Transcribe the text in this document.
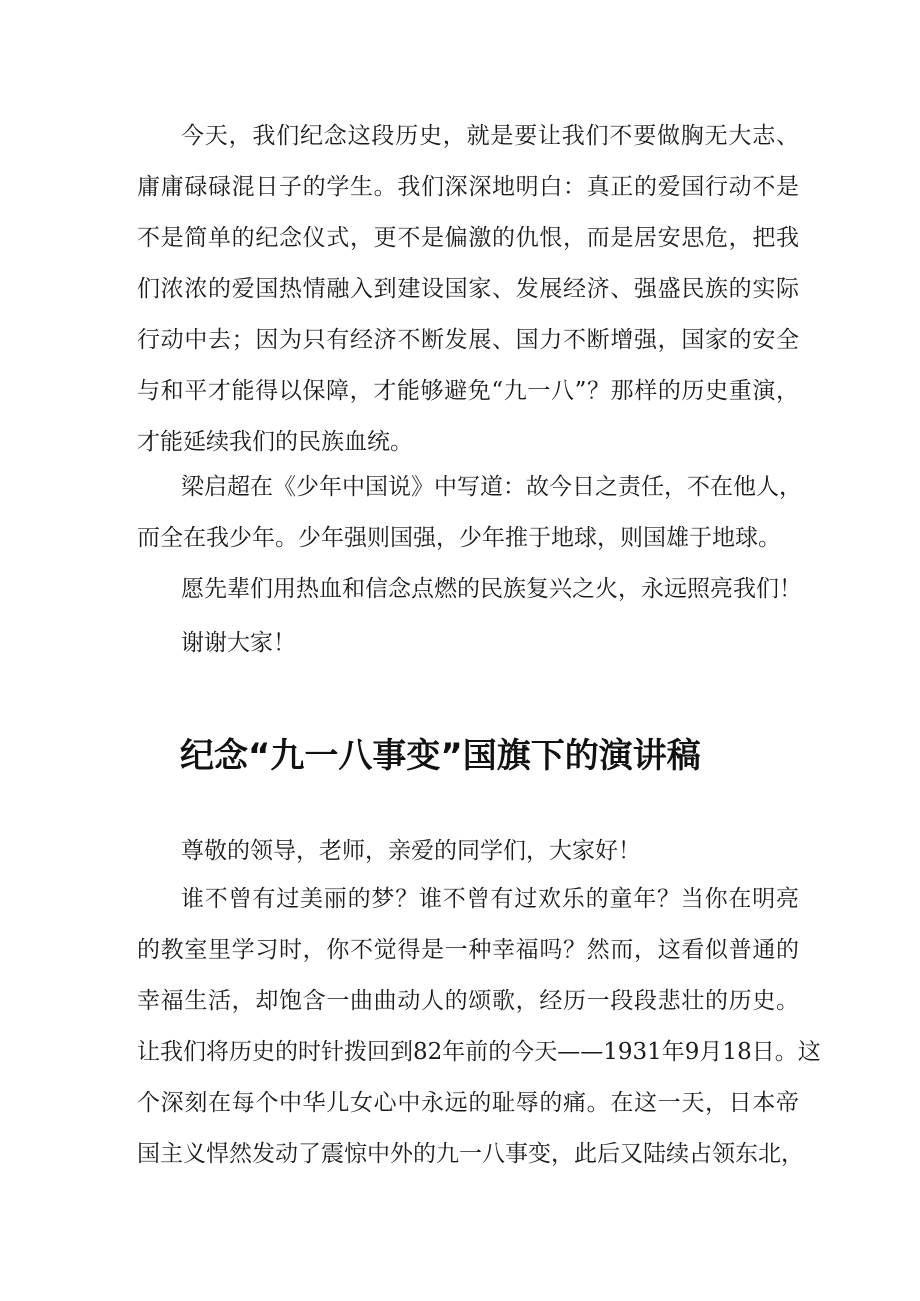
今天，我们纪念这段历史，就是要让我们不要做胸无大志、
庸庸碌碌混日子的学生。我们深深地明白：真正的爱国行动不是
不是简单的纪念仪式，更不是偏激的仇恨，而是居安思危，把我
们浓浓的爱国热情融入到建设国家、发展经济、强盛民族的实际
行动中去；因为只有经济不断发展、国力不断增强，国家的安全
与和平才能得以保障，才能够避免“九一八”？那样的历史重演，
才能延续我们的民族血统。
梁启超在《少年中国说》中写道：故今日之责任，不在他人，
而全在我少年。少年强则国强，少年推于地球，则国雄于地球。
愿先辈们用热血和信念点燃的民族复兴之火，永远照亮我们！
谢谢大家！
纪念“九一八事变”国旗下的演讲稿
尊敬的领导，老师，亲爱的同学们，大家好！
谁不曾有过美丽的梦？谁不曾有过欢乐的童年？当你在明亮
的教室里学习时，你不觉得是一种幸福吗？然而，这看似普通的
幸福生活，却饱含一曲曲动人的颂歌，经历一段段悲壮的历史。
让我们将历史的时针拨回到82年前的今天——1931年9月18日。这
个深刻在每个中华儿女心中永远的耻辱的痛。在这一天，日本帝
国主义悍然发动了震惊中外的九一八事变，此后又陆续占领东北，
